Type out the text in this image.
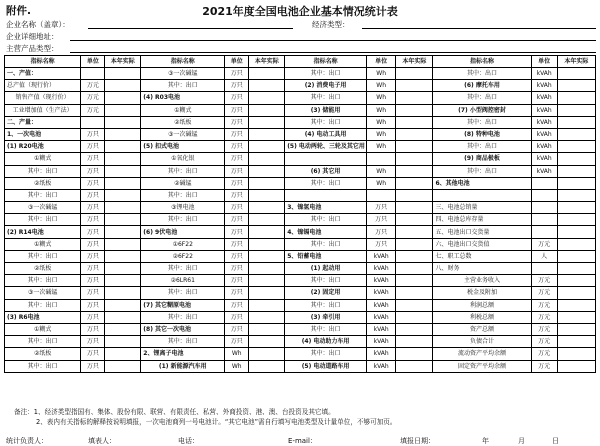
附件.	2021年度全国电池企业基本情况统计表
企业名称（盖章）：	经济类型：
企业详细地址：
主营产品类型：
指标名称	单位	本年实际	指标名称	单位	本年实际	指标名称	单位	本年实际	指标名称	单位	本年实际
一、产值：			③一次碱锰	万只		其中：出口	Wh		其中：出口	kVAh	
总产值（现行价）	万元		其中：出口	万只		(2) 消费电子用	Wh		(6) 摩托车用	kVAh	
销售产值（现行价）	万元		(4) R03电池	万只		其中：出口	Wh		其中：出口	kVAh	
工业增加值（生产法）	万元		①糊式	万只		(3) 储能用	Wh		(7) 小型阀控密封	kVAh	
二、产量：			②纸板	万只		其中：出口	Wh		其中：出口	kVAh	
1、一次电池	万只		③一次碱锰	万只		(4) 电动工具用	Wh		(8) 特种电池	kVAh	
(1) R20电池	万只		(5) 扣式电池	万只		(5) 电动两轮、三轮及其它用	Wh		其中：出口	kVAh	
①糊式	万只		①氧化银	万只					(9) 商品极板	kVAh	
其中：出口	万只		其中：出口	万只		(6) 其它用	Wh		其中：出口	kVAh	
②纸板	万只		②碱锰	万只		其中：出口	Wh		6、其他电池		
其中：出口	万只		其中：出口	万只							
③一次碱锰	万只		③锂电池	万只		3、镍氢电池	万只		三、电池总销量		
其中：出口	万只		其中：出口	万只		其中：出口	万只		四、电池总库存量		
(2) R14电池	万只		(6) 9伏电池	万只		4、镍镉电池	万只		五、电池出口交货量		
①糊式	万只		①6F22	万只		其中：出口	万只		六、电池出口交货值	万元	
其中：出口	万只		②6F22	万只		5、铅蓄电池	kVAh		七、职工总数	人	
②纸板	万只		其中：出口	万只		(1) 起动用	kVAh		八、财务		
其中：出口	万只		②6LR61	万只		其中：出口	kVAh		主营业务收入	万元	
③一次碱锰	万只		其中：出口	万只		(2) 固定用	kVAh		税金及附加	万元	
其中：出口	万只		(7) 其它糊原电池	万只		其中：出口	kVAh		利润总额	万元	
(3) R6电池	万只		其中：出口	万只		(3) 牵引用	kVAh		利税总额	万元	
①糊式	万只		(8) 其它一次电池	万只		其中：出口	kVAh		资产总额	万元	
其中：出口	万只		其中：出口	万只		(4) 电动助力车用	kVAh		负债合计	万元	
②纸板	万只		2、锂离子电池	Wh		其中：出口	kVAh		流动资产平均余额	万元	
其中：出口	万只		(1) 新能源汽车用	Wh		(5) 电动道路车用	kVAh		固定资产平均余额	万元	
备注：1、经济类型指国有、集体、股份有限、联营、有限责任、私营、外商投资、港、澳、台投资及其它填。
2、表内有关指标的解释按说明填报，一次电池商列一号电池计。“其它电池”需自行填写电池类型及计量单位，不够可加页。
统计负责人：	填表人：	电话：	E-mail：	填报日期：	年	月	日
